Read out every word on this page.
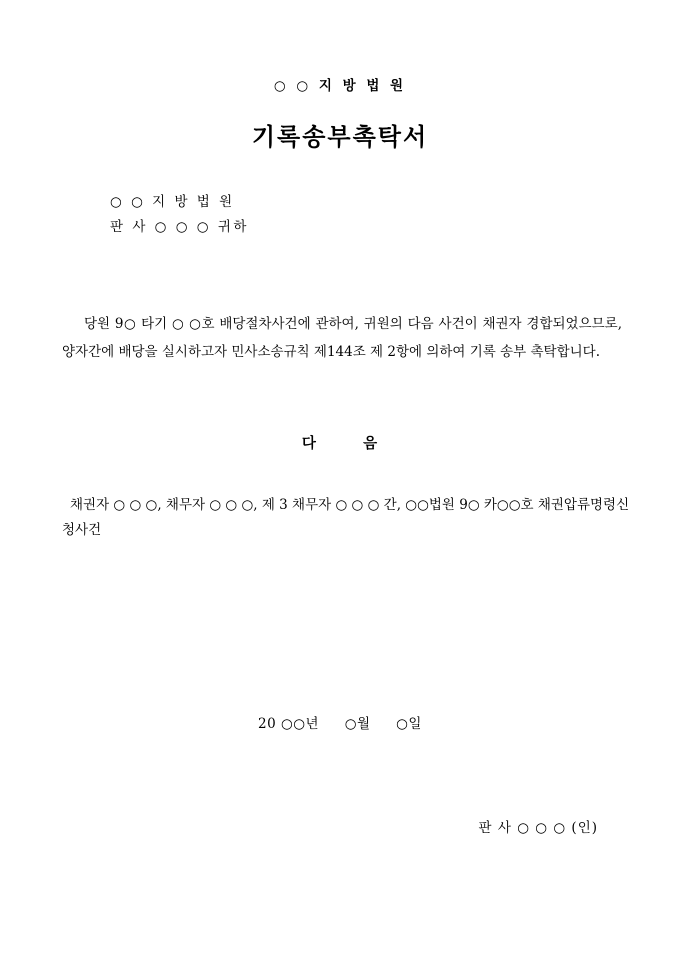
○ ○ 지 방 법 원
기록송부촉탁서
○ ○ 지 방 법 원
판 사 ○ ○ ○ 귀하
당원 9○ 타기 ○ ○호 배당절차사건에 관하여, 귀원의 다음 사건이 채권자 경합되었으므로, 양자간에 배당을 실시하고자 민사소송규칙 제144조 제 2항에 의하여 기록 송부 촉탁합니다.
다	음
채권자 ○ ○ ○, 채무자 ○ ○ ○, 제 3 채무자 ○ ○ ○ 간, ○○법원 9○ 카○○호 채권압류명령신청사건
20 ○○년 ○월 ○일
판 사 ○ ○ ○ (인)
